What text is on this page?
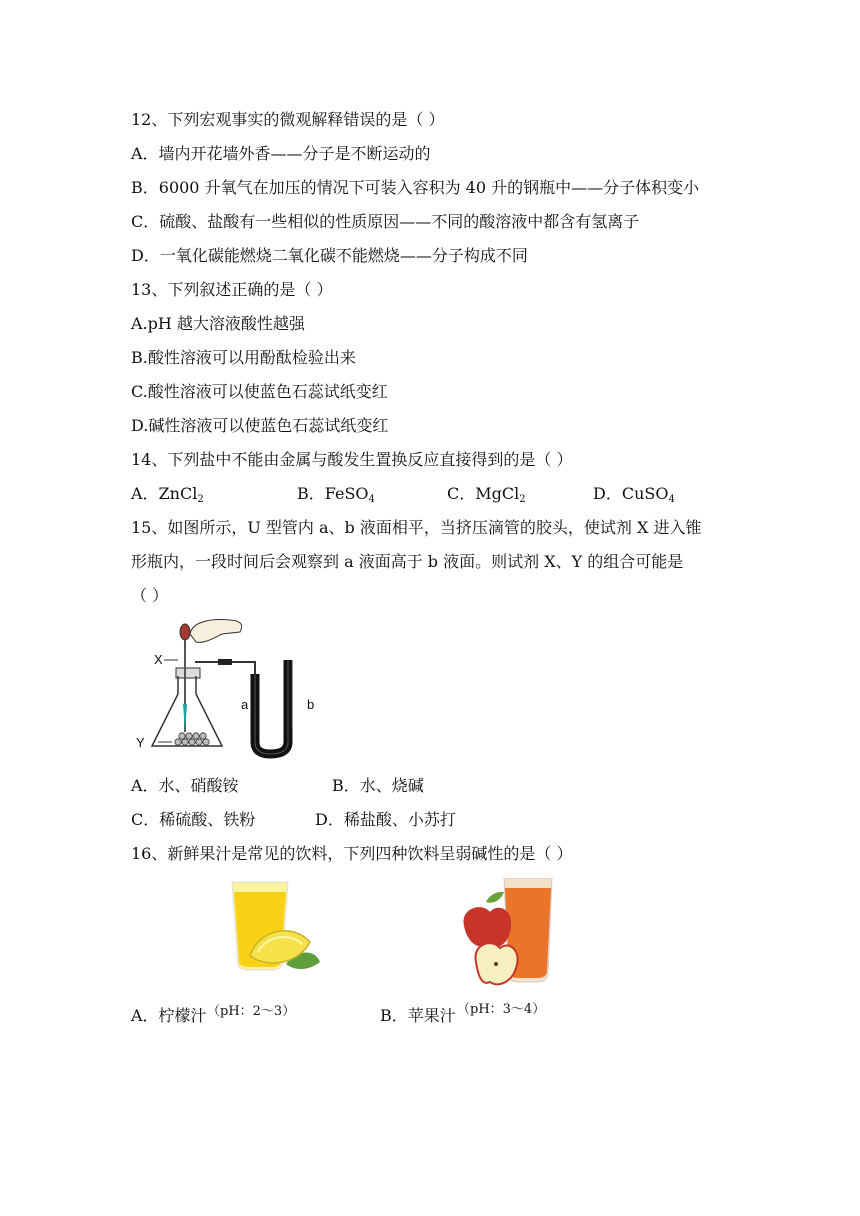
12、下列宏观事实的微观解释错误的是（ ）
A．墙内开花墙外香——分子是不断运动的
B．6000 升氧气在加压的情况下可装入容积为 40 升的钢瓶中——分子体积变小
C．硫酸、盐酸有一些相似的性质原因——不同的酸溶液中都含有氢离子
D．一氧化碳能燃烧二氧化碳不能燃烧——分子构成不同
13、下列叙述正确的是（ ）
A.pH 越大溶液酸性越强
B.酸性溶液可以用酚酞检验出来
C.酸性溶液可以使蓝色石蕊试纸变红
D.碱性溶液可以使蓝色石蕊试纸变红
14、下列盐中不能由金属与酸发生置换反应直接得到的是（ ）
A．ZnCl$_2$	B．FeSO$_4$	C．MgCl$_2$	D．CuSO$_4$
15、如图所示，U 型管内 a、b 液面相平，当挤压滴管的胶头，使试剂 X 进入锥
形瓶内，一段时间后会观察到 a 液面高于 b 液面。则试剂 X、Y 的组合可能是
（ ）
X
Y
a	b
A．水、硝酸铵	B．水、烧碱
C．稀硫酸、铁粉	D．稀盐酸、小苏打
16、新鲜果汁是常见的饮料，下列四种饮料呈弱碱性的是（ ）
A．柠檬汁 （pH：2～3）	B．苹果汁 （pH：3～4）
